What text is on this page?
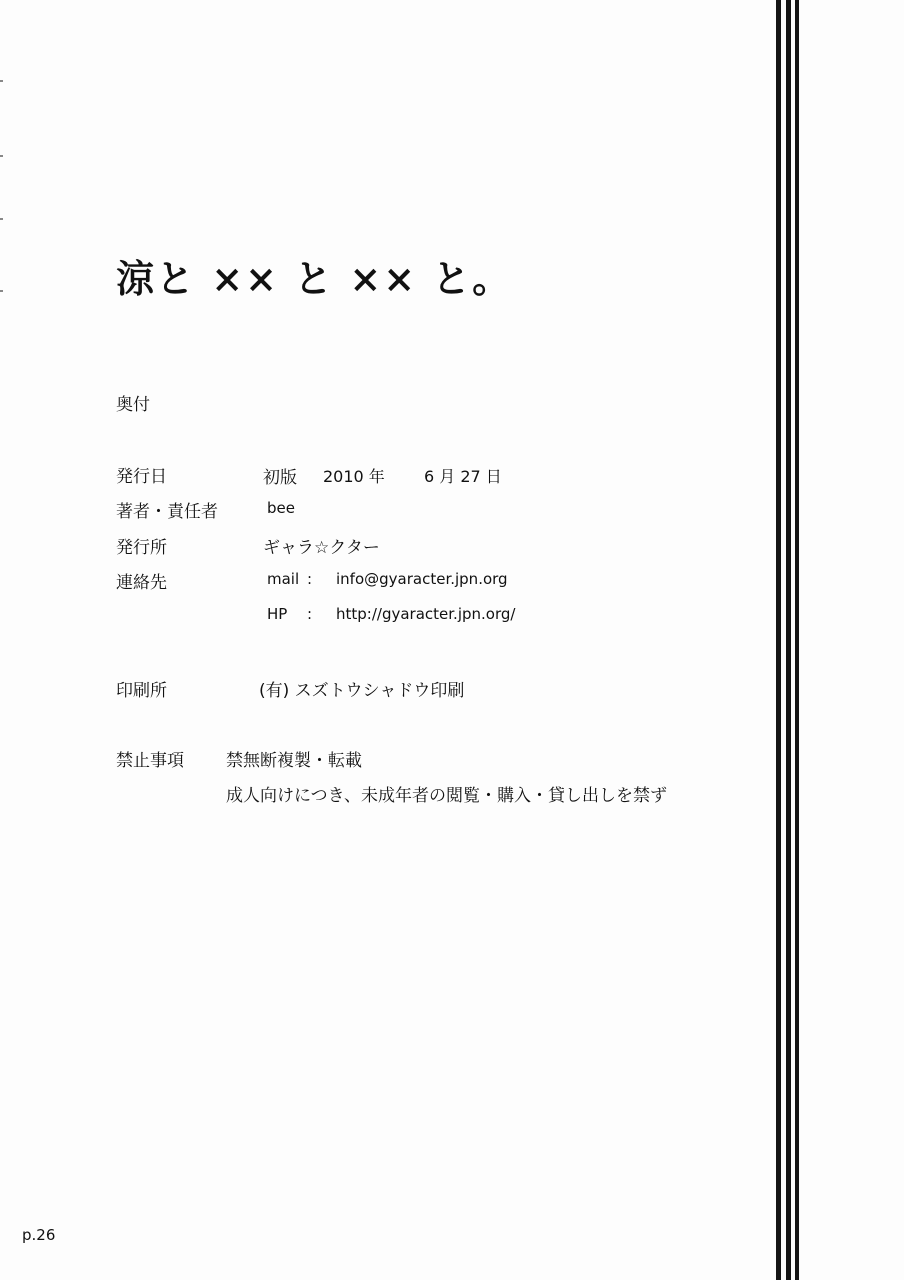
涼と ×× と ×× と。
奥付
発行日	初版 2010 年 6 月 27 日
著者・責任者	bee
発行所	ギャラ☆クター
連絡先	mail : info@gyaracter.jpn.org
HP : http://gyaracter.jpn.org/
印刷所	(有) スズトウシャドウ印刷
禁止事項 禁無断複製・転載
成人向けにつき、未成年者の閲覧・購入・貸し出しを禁ず
p.26
